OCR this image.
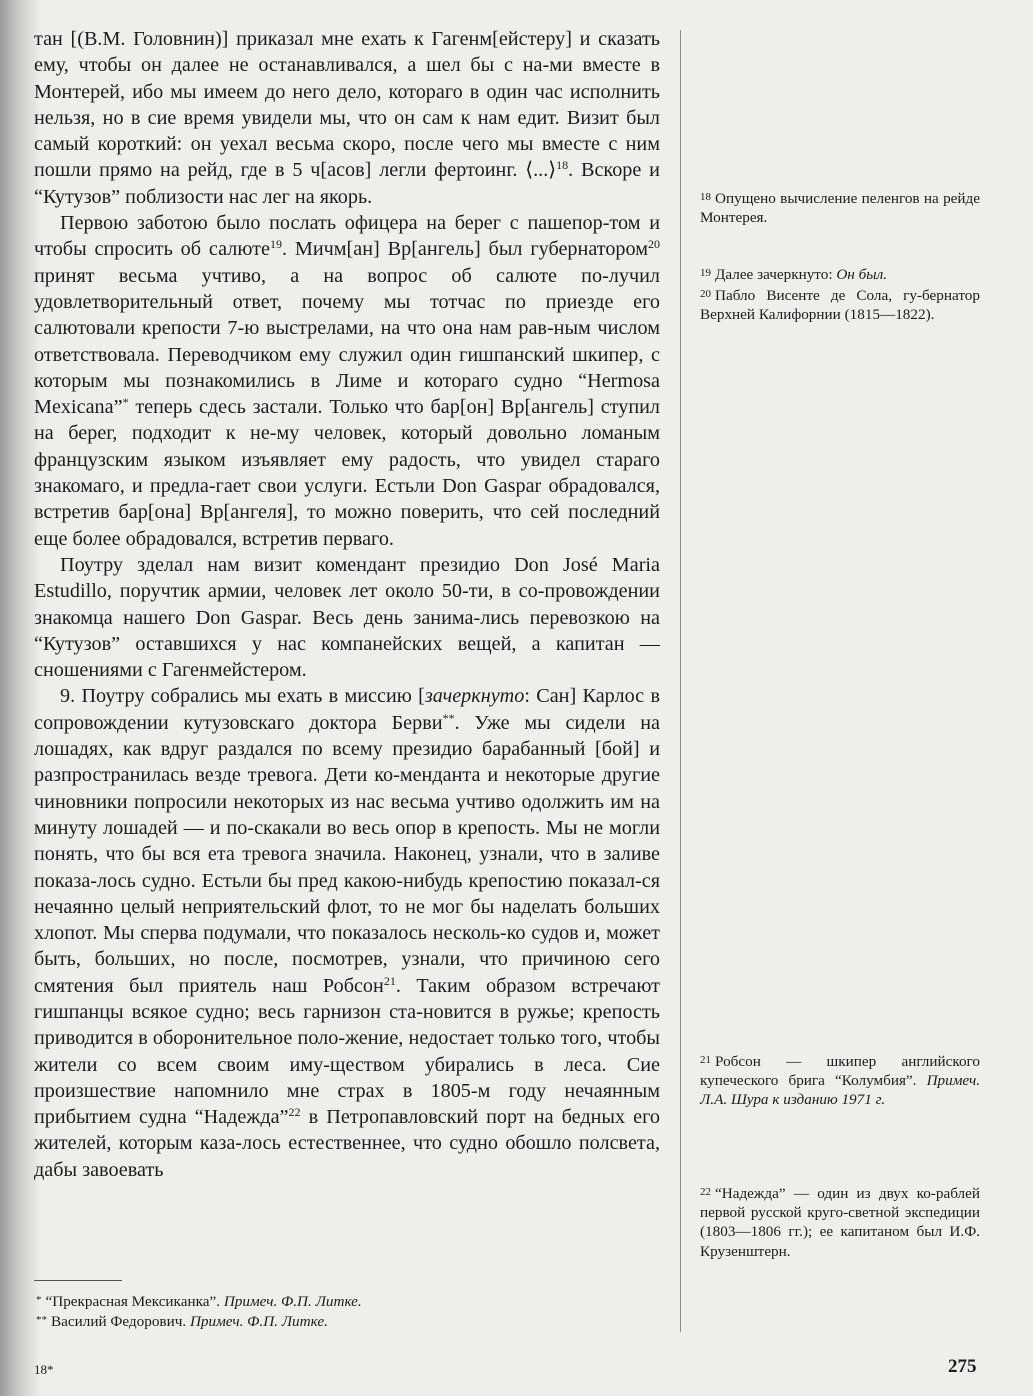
тан [(В.М. Головнин)] приказал мне ехать к Гагенм[ейстеру] и сказать ему, чтобы он далее не останавливался, а шел бы с на-ми вместе в Монтерей, ибо мы имеем до него дело, котораго в один час исполнить нельзя, но в сие время увидели мы, что он сам к нам едит. Визит был самый короткий: он уехал весьма скоро, после чего мы вместе с ним пошли прямо на рейд, где в 5 ч[асов] легли фертоинг. ⟨...⟩$^{18}$. Вскоре и “Кутузов” поблизости нас лег на якорь.

Первою заботою было послать офицера на берег с пашепор-том и чтобы спросить об салюте$^{19}$. Мичм[ан] Вр[ангель] был губернатором$^{20}$ принят весьма учтиво, а на вопрос об салюте по-лучил удовлетворительный ответ, почему мы тотчас по приезде его салютовали крепости 7-ю выстрелами, на что она нам рав-ным числом ответствовала. Переводчиком ему служил один гишпанский шкипер, с которым мы познакомились в Лиме и котораго судно “Hermosa Mexicana”* теперь сдесь застали. Только что бар[он] Вр[ангель] ступил на берег, подходит к не-му человек, который довольно ломаным французским языком изъявляет ему радость, что увидел стараго знакомаго, и предла-гает свои услуги. Естьли Don Gaspar обрадовался, встретив бар[она] Вр[ангеля], то можно поверить, что сей последний еще более обрадовался, встретив перваго.

Поутру зделал нам визит комендант президио Don José Maria Estudillo, поручтик армии, человек лет около 50-ти, в со-провождении знакомца нашего Don Gaspar. Весь день занима-лись перевозкою на “Кутузов” оставшихся у нас компанейских вещей, а капитан — сношениями с Гагенмейстером.

9. Поутру собрались мы ехать в миссию [зачеркнуто: Сан] Карлос в сопровождении кутузовскаго доктора Берви**. Уже мы сидели на лошадях, как вдруг раздался по всему президио барабанный [бой] и разпространилась везде тревога. Дети ко-менданта и некоторые другие чиновники попросили некоторых из нас весьма учтиво одолжить им на минуту лошадей — и по-скакали во весь опор в крепость. Мы не могли понять, что бы вся ета тревога значила. Наконец, узнали, что в заливе показа-лось судно. Естьли бы пред какою-нибудь крепостию показал-ся нечаянно целый неприятельский флот, то не мог бы наделать больших хлопот. Мы сперва подумали, что показалось несколь-ко судов и, может быть, больших, но после, посмотрев, узнали, что причиною сего смятения был приятель наш Робсон$^{21}$. Таким образом встречают гишпанцы всякое судно; весь гарнизон ста-новится в ружье; крепость приводится в оборонительное поло-жение, недостает только того, чтобы жители со всем своим иму-ществом убирались в леса. Сие произшествие напомнило мне страх в 1805-м году нечаянным прибытием судна “Надежда”$^{22}$ в Петропавловский порт на бедных его жителей, которым каза-лось естественнее, что судно обошло полсвета, дабы завоевать

18 Опущено вычисление пеленгов на рейде Монтерея.
19 Далее зачеркнуто: Он был.
20 Пабло Висенте де Сола, гу-бернатор Верхней Калифорнии (1815—1822).
21 Робсон — шкипер английского купеческого брига “Колумбия”. Примеч. Л.А. Шура к изданию 1971 г.
22 “Надежда” — один из двух ко-раблей первой русской круго-светной экспедиции (1803—1806 гг.); ее капитаном был И.Ф. Крузенштерн.
* “Прекрасная Мексиканка”. Примеч. Ф.П. Литке.
** Василий Федорович. Примеч. Ф.П. Литке.
18*	275
